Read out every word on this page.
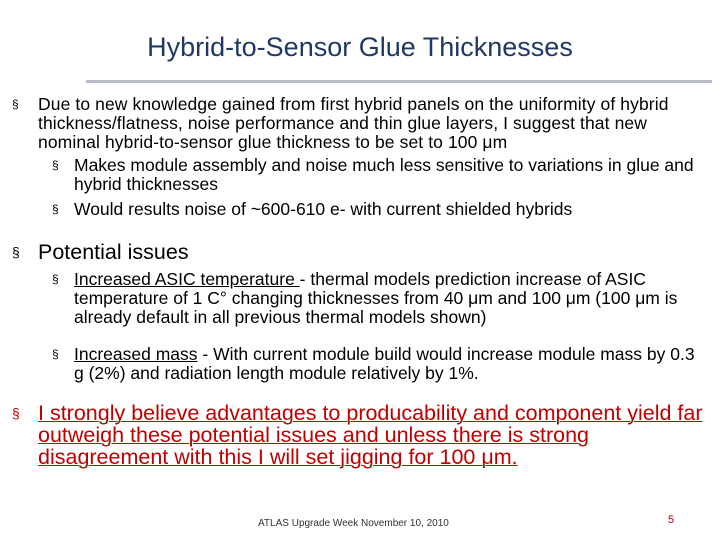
Hybrid-to-Sensor Glue Thicknesses
§	Due to new knowledge gained from first hybrid panels on the uniformity of hybrid thickness/flatness, noise performance and thin glue layers, I suggest that new nominal hybrid-to-sensor glue thickness to be set to 100 μm
§ Makes module assembly and noise much less sensitive to variations in glue and hybrid thicknesses
§ Would results noise of ~600-610 e- with current shielded hybrids
§ Potential issues
§ Increased ASIC temperature - thermal models prediction increase of ASIC temperature of 1 C° changing thicknesses from 40 μm and 100 μm (100 μm is already default in all previous thermal models shown)
§ Increased mass - With current module build would increase module mass by 0.3 g (2%) and radiation length module relatively by 1%.
§ I strongly believe advantages to producability and component yield far outweigh these potential issues and unless there is strong disagreement with this I will set jigging for 100 μm.
ATLAS Upgrade Week November 10, 2010	5
